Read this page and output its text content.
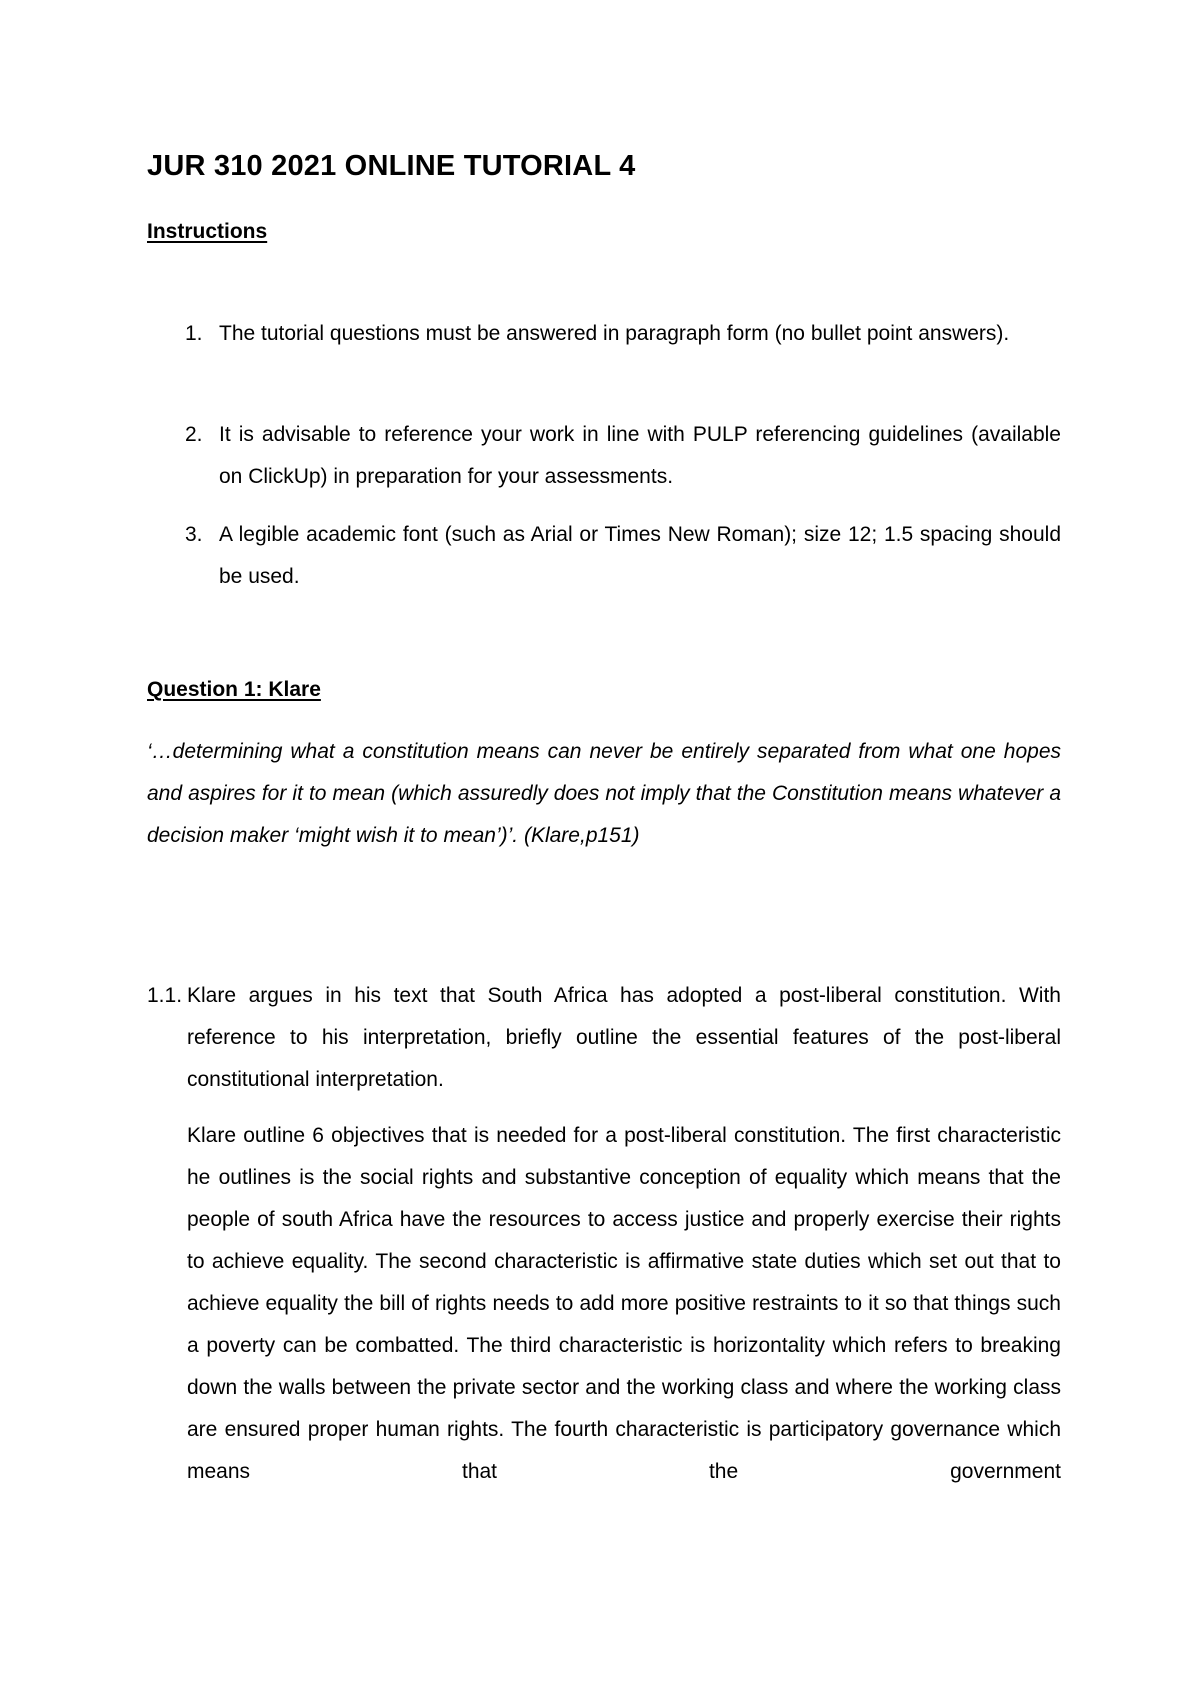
JUR 310 2021 ONLINE TUTORIAL 4
Instructions
1. The tutorial questions must be answered in paragraph form (no bullet point answers).
2. It is advisable to reference your work in line with PULP referencing guidelines (available on ClickUp) in preparation for your assessments.
3. A legible academic font (such as Arial or Times New Roman); size 12; 1.5 spacing should be used.
Question 1: Klare

‘…determining what a constitution means can never be entirely separated from what one hopes and aspires for it to mean (which assuredly does not imply that the Constitution means whatever a decision maker ‘might wish it to mean’)’. (Klare,p151)

1.1. Klare argues in his text that South Africa has adopted a post-liberal constitution. With reference to his interpretation, briefly outline the essential features of the post-liberal constitutional interpretation.

Klare outline 6 objectives that is needed for a post-liberal constitution. The first characteristic he outlines is the social rights and substantive conception of equality which means that the people of south Africa have the resources to access justice and properly exercise their rights to achieve equality. The second characteristic is affirmative state duties which set out that to achieve equality the bill of rights needs to add more positive restraints to it so that things such a poverty can be combatted. The third characteristic is horizontality which refers to breaking down the walls between the private sector and the working class and where the working class are ensured proper human rights. The fourth characteristic is participatory governance which means that the government
